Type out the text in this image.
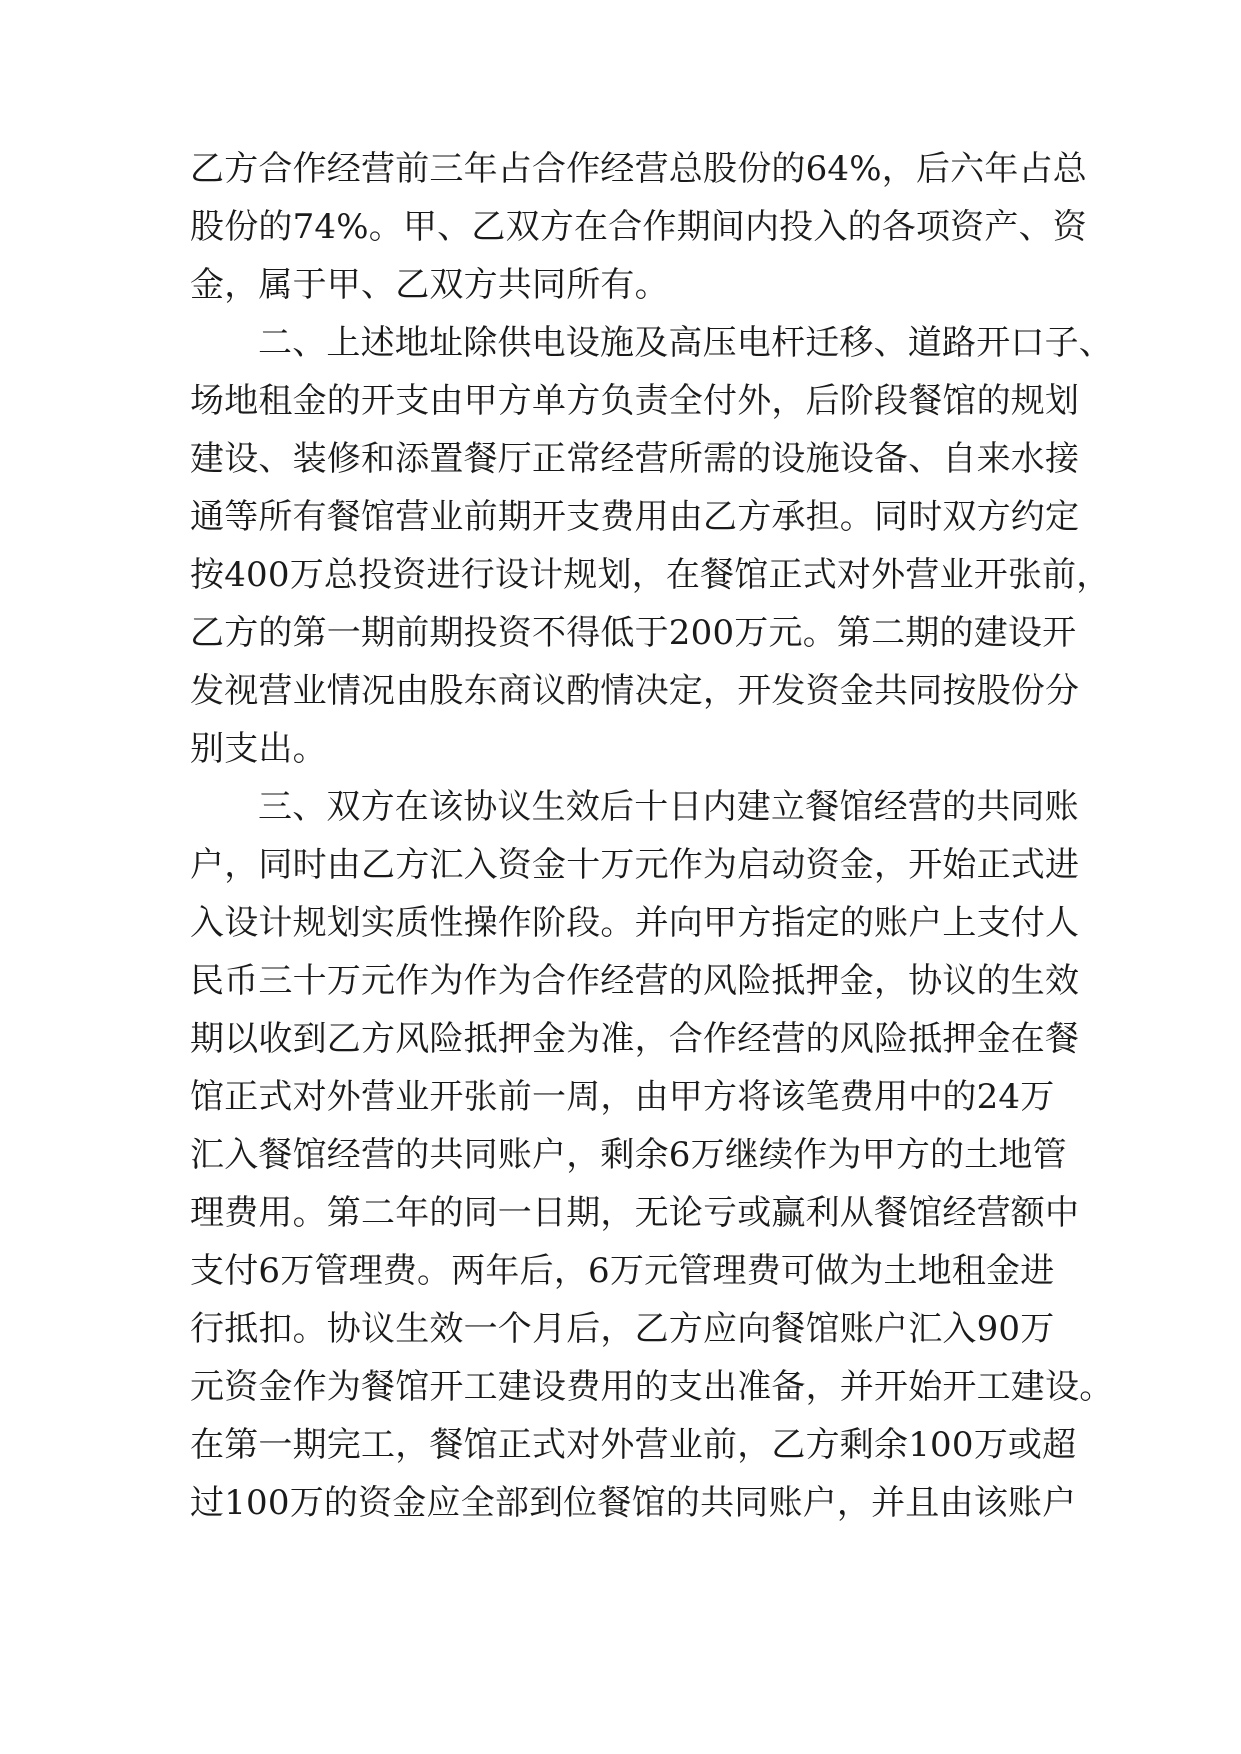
乙方合作经营前三年占合作经营总股份的64%，后六年占总
股份的74%。甲、乙双方在合作期间内投入的各项资产、资
金，属于甲、乙双方共同所有。
二、上述地址除供电设施及高压电杆迁移、道路开口子、
场地租金的开支由甲方单方负责全付外，后阶段餐馆的规划
建设、装修和添置餐厅正常经营所需的设施设备、自来水接
通等所有餐馆营业前期开支费用由乙方承担。同时双方约定
按400万总投资进行设计规划，在餐馆正式对外营业开张前，
乙方的第一期前期投资不得低于200万元。第二期的建设开
发视营业情况由股东商议酌情决定，开发资金共同按股份分
别支出。
三、双方在该协议生效后十日内建立餐馆经营的共同账
户，同时由乙方汇入资金十万元作为启动资金，开始正式进
入设计规划实质性操作阶段。并向甲方指定的账户上支付人
民币三十万元作为作为合作经营的风险抵押金，协议的生效
期以收到乙方风险抵押金为准，合作经营的风险抵押金在餐
馆正式对外营业开张前一周，由甲方将该笔费用中的24万
汇入餐馆经营的共同账户，剩余6万继续作为甲方的土地管
理费用。第二年的同一日期，无论亏或赢利从餐馆经营额中
支付6万管理费。两年后，6万元管理费可做为土地租金进
行抵扣。协议生效一个月后，乙方应向餐馆账户汇入90万
元资金作为餐馆开工建设费用的支出准备，并开始开工建设。
在第一期完工，餐馆正式对外营业前，乙方剩余100万或超
过100万的资金应全部到位餐馆的共同账户，并且由该账户
